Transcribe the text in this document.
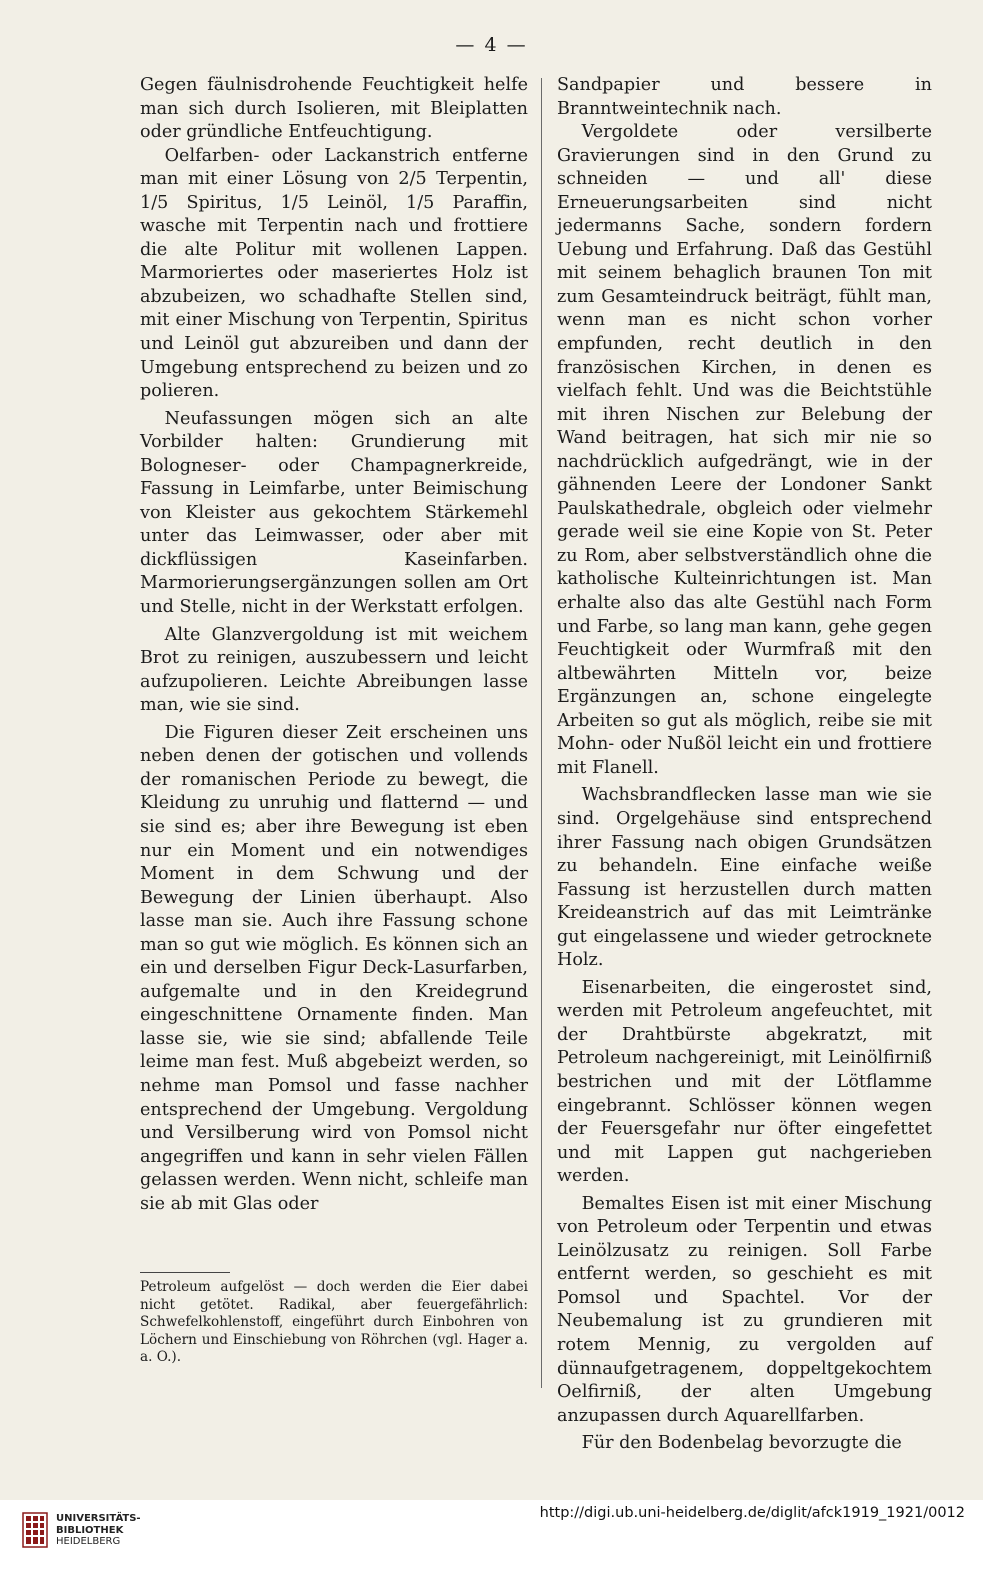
— 4 —

Gegen fäulnisdrohende Feuchtigkeit helfe man sich durch Isolieren, mit Bleiplatten oder gründliche Entfeuchtigung.

Oelfarben- oder Lackanstrich entferne man mit einer Lösung von 2/5 Terpentin, 1/5 Spiritus, 1/5 Leinöl, 1/5 Paraffin, wasche mit Terpentin nach und frottiere die alte Politur mit wollenen Lappen. Marmoriertes oder maseriertes Holz ist abzubeizen, wo schadhafte Stellen sind, mit einer Mischung von Terpentin, Spiritus und Leinöl gut abzureiben und dann der Umgebung entsprechend zu beizen und zo polieren.

Neufassungen mögen sich an alte Vorbilder halten: Grundierung mit Bologneser- oder Champagnerkreide, Fassung in Leimfarbe, unter Beimischung von Kleister aus gekochtem Stärkemehl unter das Leimwasser, oder aber mit dickflüssigen Kaseinfarben. Marmorierungsergänzungen sollen am Ort und Stelle, nicht in der Werkstatt erfolgen.

Alte Glanzvergoldung ist mit weichem Brot zu reinigen, auszubessern und leicht aufzupolieren. Leichte Abreibungen lasse man, wie sie sind.

Die Figuren dieser Zeit erscheinen uns neben denen der gotischen und vollends der romanischen Periode zu bewegt, die Kleidung zu unruhig und flatternd — und sie sind es; aber ihre Bewegung ist eben nur ein Moment und ein notwendiges Moment in dem Schwung und der Bewegung der Linien überhaupt. Also lasse man sie. Auch ihre Fassung schone man so gut wie möglich. Es können sich an ein und derselben Figur Deck-Lasurfarben, aufgemalte und in den Kreidegrund eingeschnittene Ornamente finden. Man lasse sie, wie sie sind; abfallende Teile leime man fest. Muß abgebeizt werden, so nehme man Pomsol und fasse nachher entsprechend der Umgebung. Vergoldung und Versilberung wird von Pomsol nicht angegriffen und kann in sehr vielen Fällen gelassen werden. Wenn nicht, schleife man sie ab mit Glas oder

Sandpapier und bessere in Branntweintechnik nach.

Vergoldete oder versilberte Gravierungen sind in den Grund zu schneiden — und all' diese Erneuerungsarbeiten sind nicht jedermanns Sache, sondern fordern Uebung und Erfahrung. Daß das Gestühl mit seinem behaglich braunen Ton mit zum Gesamteindruck beiträgt, fühlt man, wenn man es nicht schon vorher empfunden, recht deutlich in den französischen Kirchen, in denen es vielfach fehlt. Und was die Beichtstühle mit ihren Nischen zur Belebung der Wand beitragen, hat sich mir nie so nachdrücklich aufgedrängt, wie in der gähnenden Leere der Londoner Sankt Paulskathedrale, obgleich oder vielmehr gerade weil sie eine Kopie von St. Peter zu Rom, aber selbstverständlich ohne die katholische Kulteinrichtungen ist. Man erhalte also das alte Gestühl nach Form und Farbe, so lang man kann, gehe gegen Feuchtigkeit oder Wurmfraß mit den altbewährten Mitteln vor, beize Ergänzungen an, schone eingelegte Arbeiten so gut als möglich, reibe sie mit Mohn- oder Nußöl leicht ein und frottiere mit Flanell.

Wachsbrandflecken lasse man wie sie sind. Orgelgehäuse sind entsprechend ihrer Fassung nach obigen Grundsätzen zu behandeln. Eine einfache weiße Fassung ist herzustellen durch matten Kreideanstrich auf das mit Leimtränke gut eingelassene und wieder getrocknete Holz.

Eisenarbeiten, die eingerostet sind, werden mit Petroleum angefeuchtet, mit der Drahtbürste abgekratzt, mit Petroleum nachgereinigt, mit Leinölfirniß bestrichen und mit der Lötflamme eingebrannt. Schlösser können wegen der Feuersgefahr nur öfter eingefettet und mit Lappen gut nachgerieben werden.

Bemaltes Eisen ist mit einer Mischung von Petroleum oder Terpentin und etwas Leinölzusatz zu reinigen. Soll Farbe entfernt werden, so geschieht es mit Pomsol und Spachtel. Vor der Neubemalung ist zu grundieren mit rotem Mennig, zu vergolden auf dünnaufgetragenem, doppeltgekochtem Oelfirniß, der alten Umgebung anzupassen durch Aquarellfarben.

Für den Bodenbelag bevorzugte die

Petroleum aufgelöst — doch werden die Eier dabei nicht getötet. Radikal, aber feuergefährlich: Schwefelkohlenstoff, eingeführt durch Einbohren von Löchern und Einschiebung von Röhrchen (vgl. Hager a. a. O.).
UNIVERSITÄTS-
BIBLIOTHEK
HEIDELBERG
http://digi.ub.uni-heidelberg.de/diglit/afck1919_1921/0012
